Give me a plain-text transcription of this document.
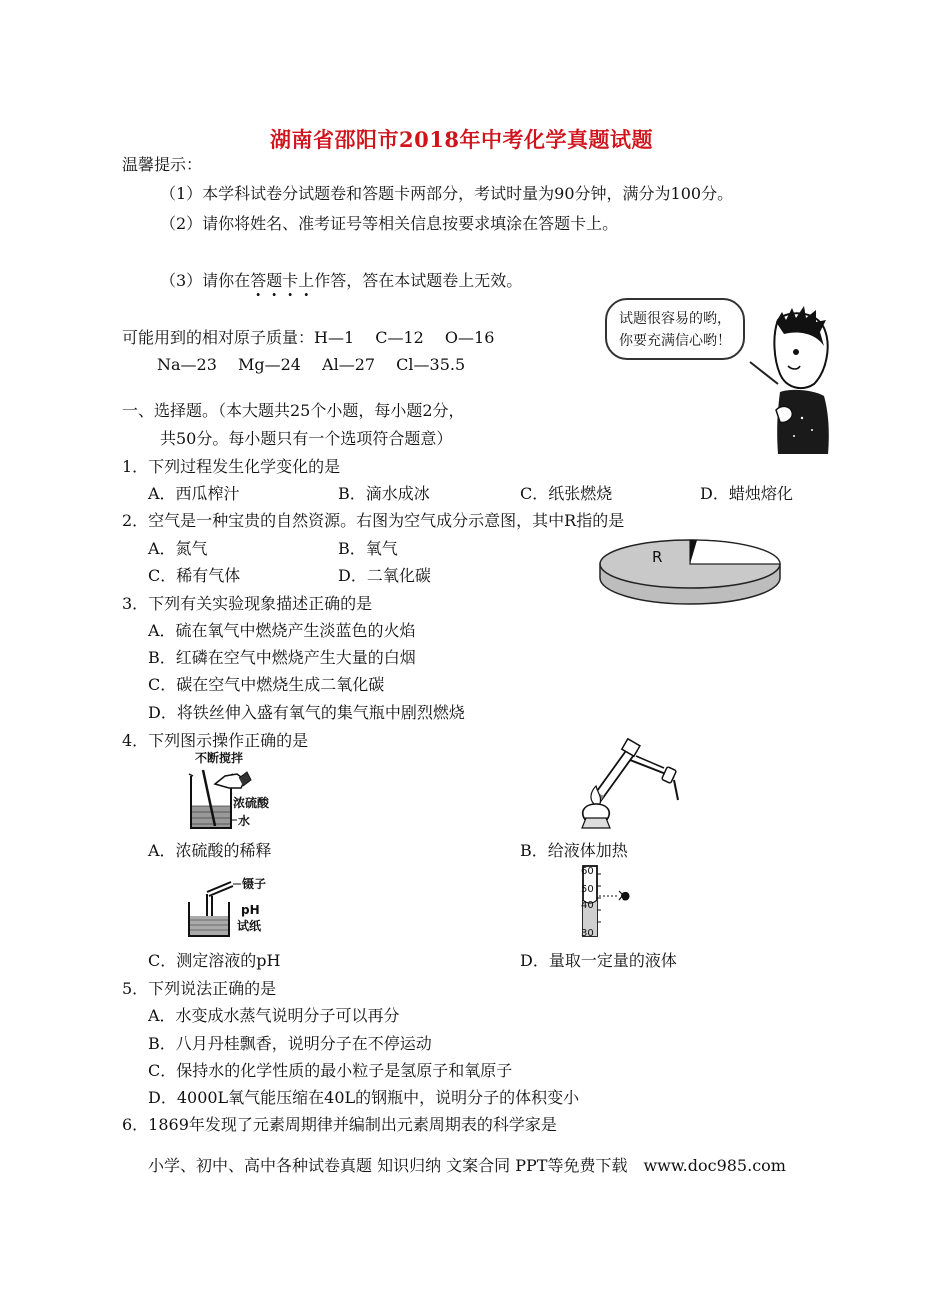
湖南省邵阳市2018年中考化学真题试题
温馨提示：
（1）本学科试卷分试题卷和答题卡两部分，考试时量为90分钟，满分为100分。
（2）请你将姓名、准考证号等相关信息按要求填涂在答题卡上。
（3）请你在答题卡上作答，答在本试题卷上无效。
试题很容易的哟，
你要充满信心哟！
可能用到的相对原子质量：H—1　 C—12　 O—16
Na—23　 Mg—24　 Al—27　 Cl—35.5
一、选择题。（本大题共25个小题，每小题2分，
共50分。每小题只有一个选项符合题意）
1．下列过程发生化学变化的是
A．西瓜榨汁	B．滴水成冰	C．纸张燃烧	D．蜡烛熔化
2．空气是一种宝贵的自然资源。右图为空气成分示意图，其中R指的是
A．氮气	B．氧气
C．稀有气体	D．二氧化碳
R
3．下列有关实验现象描述正确的是
A．硫在氧气中燃烧产生淡蓝色的火焰
B．红磷在空气中燃烧产生大量的白烟
C．碳在空气中燃烧生成二氧化碳
D．将铁丝伸入盛有氧气的集气瓶中剧烈燃烧
4．下列图示操作正确的是
不断搅拌
浓硫酸
水
A．浓硫酸的稀释	B．给液体加热
镊子
pH
试纸
C．测定溶液的pH
60
50
40
30
D．量取一定量的液体
5．下列说法正确的是
A．水变成水蒸气说明分子可以再分
B．八月丹桂飘香，说明分子在不停运动
C．保持水的化学性质的最小粒子是氢原子和氧原子
D．4000L氧气能压缩在40L的钢瓶中，说明分子的体积变小
6．1869年发现了元素周期律并编制出元素周期表的科学家是
小学、初中、高中各种试卷真题 知识归纳 文案合同 PPT等免费下载　www.doc985.com
